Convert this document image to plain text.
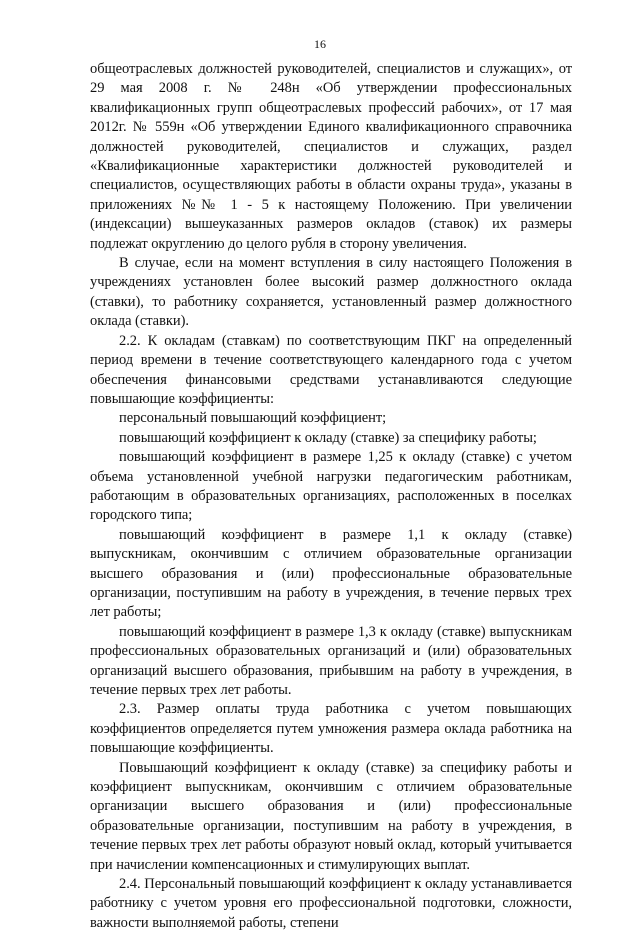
16

общеотраслевых должностей руководителей, специалистов и служащих», от 29 мая 2008 г. № 248н «Об утверждении профессиональных квалификационных групп общеотраслевых профессий рабочих», от 17 мая 2012г. № 559н «Об утверждении Единого квалификационного справочника должностей руководителей, специалистов и служащих, раздел «Квалификационные характеристики должностей руководителей и специалистов, осуществляющих работы в области охраны труда», указаны в приложениях №№ 1 - 5 к настоящему Положению. При увеличении (индексации) вышеуказанных размеров окладов (ставок) их размеры подлежат округлению до целого рубля в сторону увеличения.

В случае, если на момент вступления в силу настоящего Положения в учреждениях установлен более высокий размер должностного оклада (ставки), то работнику сохраняется, установленный размер должностного оклада (ставки).

2.2. К окладам (ставкам) по соответствующим ПКГ на определенный период времени в течение соответствующего календарного года с учетом обеспечения финансовыми средствами устанавливаются следующие повышающие коэффициенты:

персональный повышающий коэффициент;

повышающий коэффициент к окладу (ставке) за специфику работы;

повышающий коэффициент в размере 1,25 к окладу (ставке) с учетом объема установленной учебной нагрузки педагогическим работникам, работающим в образовательных организациях, расположенных в поселках городского типа;

повышающий коэффициент в размере 1,1 к окладу (ставке) выпускникам, окончившим с отличием образовательные организации высшего образования и (или) профессиональные образовательные организации, поступившим на работу в учреждения, в течение первых трех лет работы;

повышающий коэффициент в размере 1,3 к окладу (ставке) выпускникам профессиональных образовательных организаций и (или) образовательных организаций высшего образования, прибывшим на работу в учреждения, в течение первых трех лет работы.

2.3. Размер оплаты труда работника с учетом повышающих коэффициентов определяется путем умножения размера оклада работника на повышающие коэффициенты.

Повышающий коэффициент к окладу (ставке) за специфику работы и коэффициент выпускникам, окончившим с отличием образовательные организации высшего образования и (или) профессиональные образовательные организации, поступившим на работу в учреждения, в течение первых трех лет работы образуют новый оклад, который учитывается при начислении компенсационных и стимулирующих выплат.

2.4. Персональный повышающий коэффициент к окладу устанавливается работнику с учетом уровня его профессиональной подготовки, сложности, важности выполняемой работы, степени
